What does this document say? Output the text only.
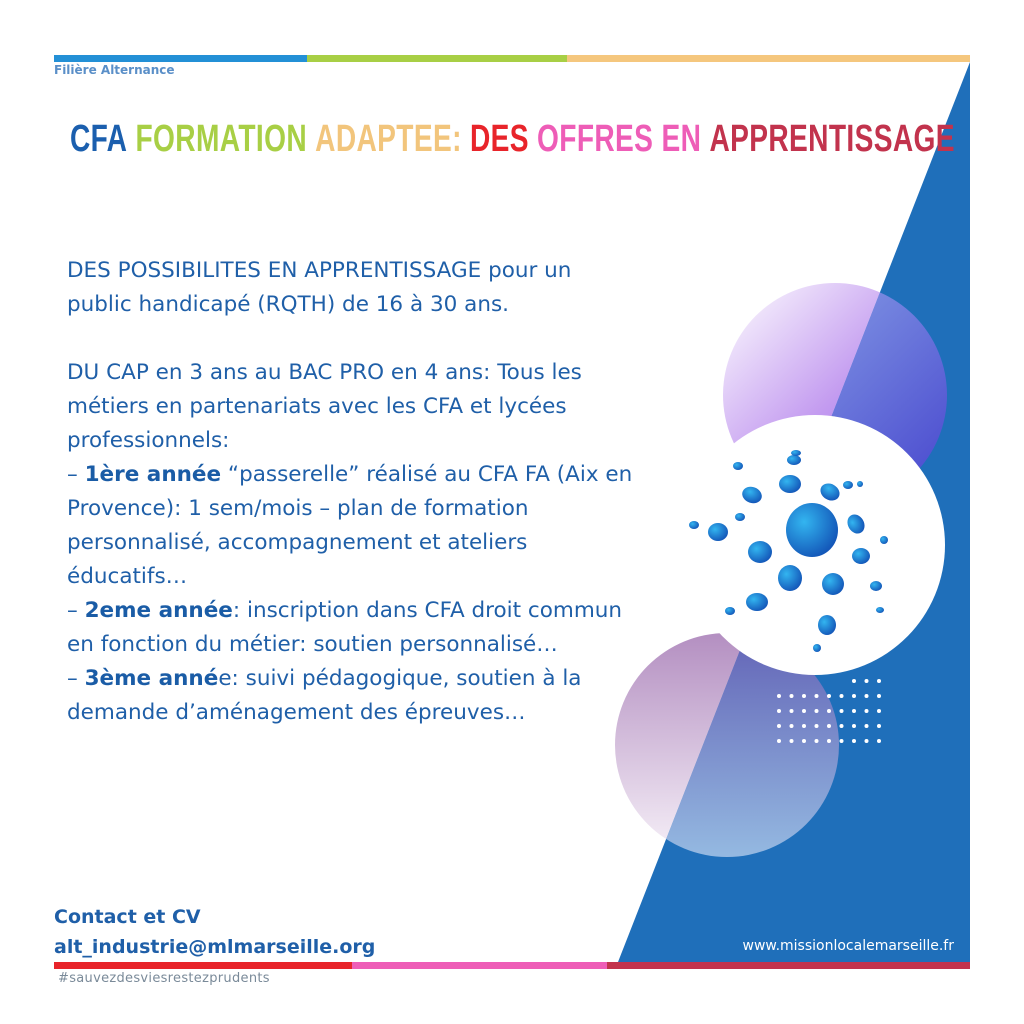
Filière Alternance
CFA FORMATION ADAPTEE: DES OFFRES EN APPRENTISSAGE

DES POSSIBILITES EN APPRENTISSAGE pour un public handicapé (RQTH) de 16 à 30 ans.

DU CAP en 3 ans au BAC PRO en 4 ans: Tous les métiers en partenariats avec les CFA et lycées professionnels:

– 1ère année “passerelle” réalisé au CFA FA (Aix en Provence): 1 sem/mois – plan de formation personnalisé, accompagnement et ateliers éducatifs…

– 2eme année: inscription dans CFA droit commun en fonction du métier: soutien personnalisé…

– 3ème année: suivi pédagogique, soutien à la demande d’aménagement des épreuves…

Contact et CV
alt_industrie@mlmarseille.org	www.missionlocalemarseille.fr
#sauvezdesviesrestezprudents
